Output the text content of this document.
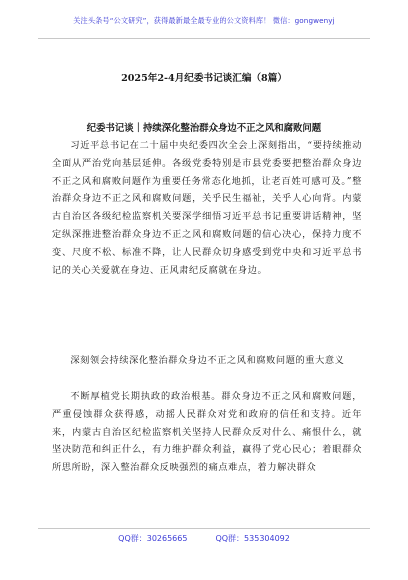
关注头条号“公文研究”，获得最新最全最专业的公文资料库！ 微信：gongwenyj
2025年2-4月纪委书记谈汇编（8篇）
纪委书记谈｜持续深化整治群众身边不正之风和腐败问题

习近平总书记在二十届中央纪委四次全会上深刻指出，“要持续推动全面从严治党向基层延伸。各级党委特别是市县党委要把整治群众身边不正之风和腐败问题作为重要任务常态化地抓，让老百姓可感可及。”整治群众身边不正之风和腐败问题，关乎民生福祉，关乎人心向背。内蒙古自治区各级纪检监察机关要深学细悟习近平总书记重要讲话精神，坚定纵深推进整治群众身边不正之风和腐败问题的信心决心，保持力度不变、尺度不松、标准不降，让人民群众切身感受到党中央和习近平总书记的关心关爱就在身边、正风肃纪反腐就在身边。

深刻领会持续深化整治群众身边不正之风和腐败问题的重大意义

不断厚植党长期执政的政治根基。群众身边不正之风和腐败问题，严重侵蚀群众获得感，动摇人民群众对党和政府的信任和支持。近年来，内蒙古自治区纪检监察机关坚持人民群众反对什么、痛恨什么，就坚决防范和纠正什么，有力维护群众利益，赢得了党心民心；着眼群众所思所盼，深入整治群众反映强烈的痛点难点，着力解决群众

QQ群：30265665	QQ群：535304092
